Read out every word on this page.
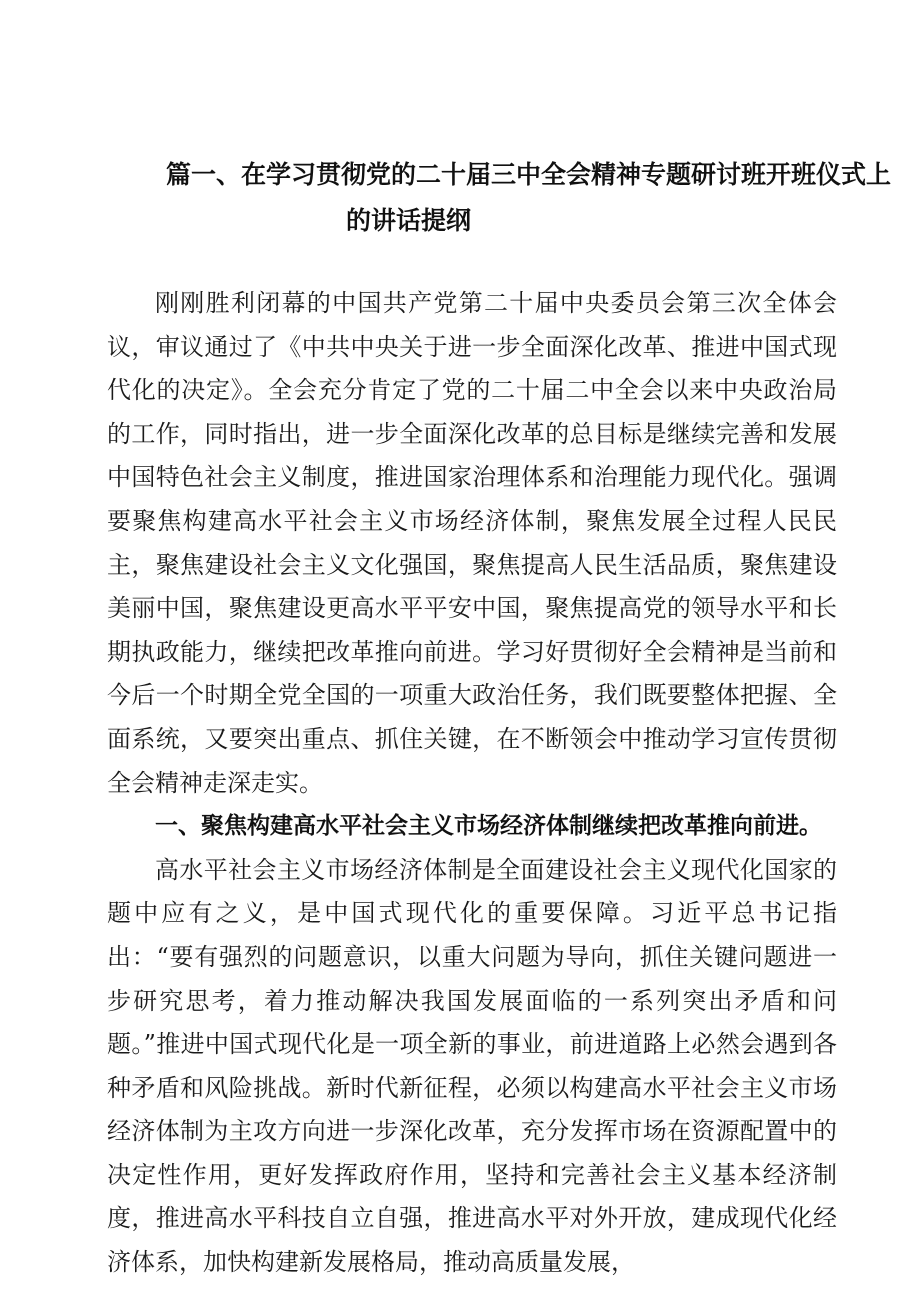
篇一、在学习贯彻党的二十届三中全会精神专题研讨班开班仪式上
的讲话提纲

刚刚胜利闭幕的中国共产党第二十届中央委员会第三次全体会议，审议通过了《中共中央关于进一步全面深化改革、推进中国式现代化的决定》。全会充分肯定了党的二十届二中全会以来中央政治局的工作，同时指出，进一步全面深化改革的总目标是继续完善和发展中国特色社会主义制度，推进国家治理体系和治理能力现代化。强调要聚焦构建高水平社会主义市场经济体制，聚焦发展全过程人民民主，聚焦建设社会主义文化强国，聚焦提高人民生活品质，聚焦建设美丽中国，聚焦建设更高水平平安中国，聚焦提高党的领导水平和长期执政能力，继续把改革推向前进。学习好贯彻好全会精神是当前和今后一个时期全党全国的一项重大政治任务，我们既要整体把握、全面系统，又要突出重点、抓住关键，在不断领会中推动学习宣传贯彻全会精神走深走实。

一、聚焦构建高水平社会主义市场经济体制继续把改革推向前进。

高水平社会主义市场经济体制是全面建设社会主义现代化国家的题中应有之义，是中国式现代化的重要保障。习近平总书记指出：“要有强烈的问题意识，以重大问题为导向，抓住关键问题进一步研究思考，着力推动解决我国发展面临的一系列突出矛盾和问题。”推进中国式现代化是一项全新的事业，前进道路上必然会遇到各种矛盾和风险挑战。新时代新征程，必须以构建高水平社会主义市场经济体制为主攻方向进一步深化改革，充分发挥市场在资源配置中的决定性作用，更好发挥政府作用，坚持和完善社会主义基本经济制度，推进高水平科技自立自强，推进高水平对外开放，建成现代化经济体系，加快构建新发展格局，推动高质量发展，
